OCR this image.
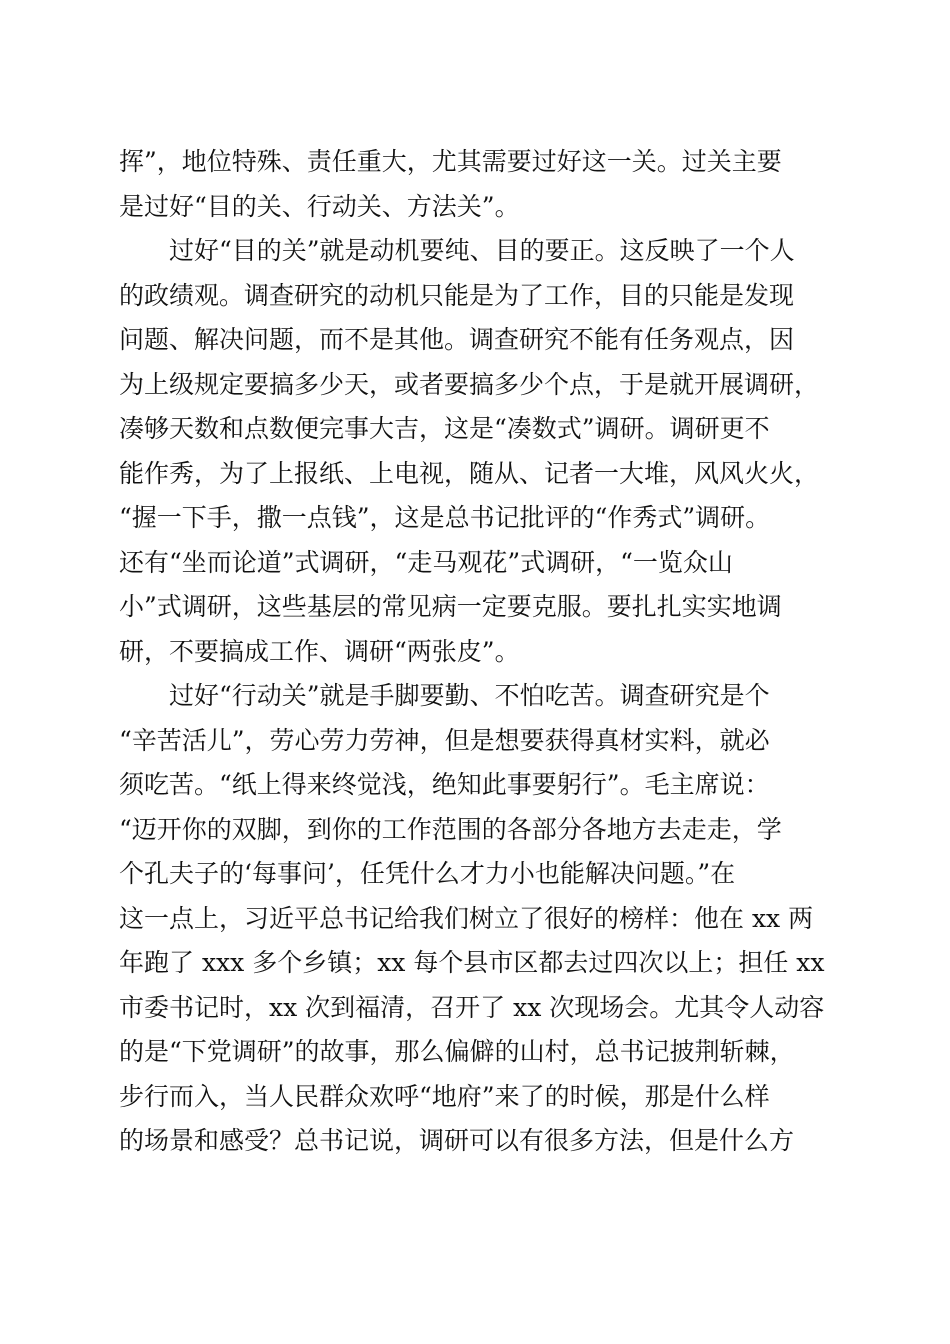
挥”，地位特殊、责任重大，尤其需要过好这一关。过关主要
是过好“目的关、行动关、方法关”。
　　过好“目的关”就是动机要纯、目的要正。这反映了一个人
的政绩观。调查研究的动机只能是为了工作，目的只能是发现
问题、解决问题，而不是其他。调查研究不能有任务观点，因
为上级规定要搞多少天，或者要搞多少个点，于是就开展调研，
凑够天数和点数便完事大吉，这是“凑数式”调研。调研更不
能作秀，为了上报纸、上电视，随从、记者一大堆，风风火火，
“握一下手，撒一点钱”，这是总书记批评的“作秀式”调研。
还有“坐而论道”式调研，“走马观花”式调研，“一览众山
小”式调研，这些基层的常见病一定要克服。要扎扎实实地调
研，不要搞成工作、调研“两张皮”。
　　过好“行动关”就是手脚要勤、不怕吃苦。调查研究是个
“辛苦活儿”，劳心劳力劳神，但是想要获得真材实料，就必
须吃苦。“纸上得来终觉浅，绝知此事要躬行”。毛主席说：
“迈开你的双脚，到你的工作范围的各部分各地方去走走，学
个孔夫子的‘每事问’，任凭什么才力小也能解决问题。”在
这一点上，习近平总书记给我们树立了很好的榜样：他在 xx 两
年跑了 xxx 多个乡镇；xx 每个县市区都去过四次以上；担任 xx
市委书记时，xx 次到福清，召开了 xx 次现场会。尤其令人动容
的是“下党调研”的故事，那么偏僻的山村，总书记披荆斩棘，
步行而入，当人民群众欢呼“地府”来了的时候，那是什么样
的场景和感受？总书记说，调研可以有很多方法，但是什么方
